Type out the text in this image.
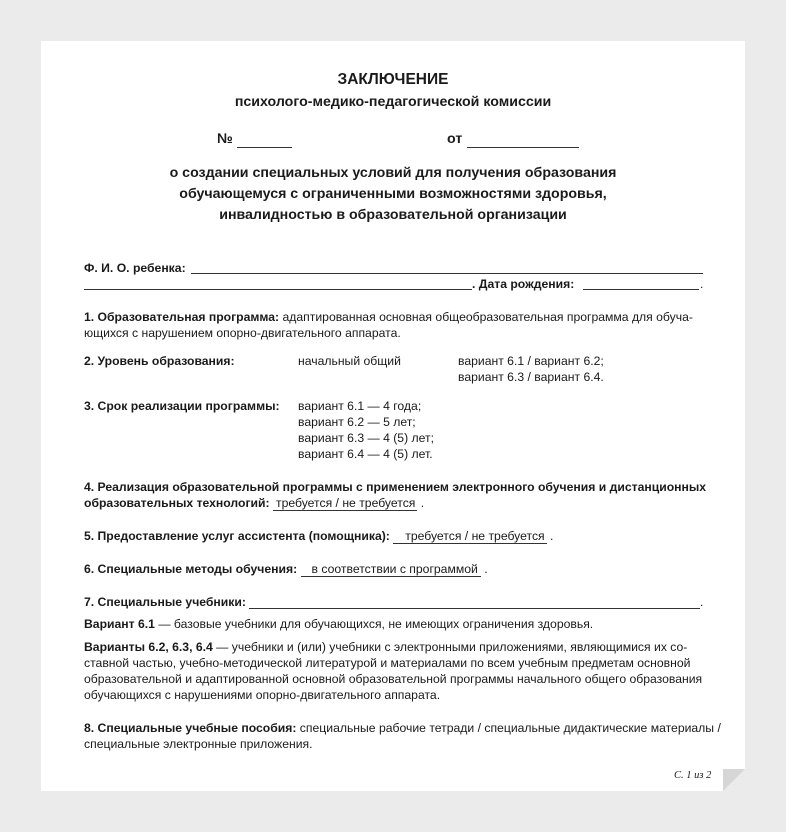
ЗАКЛЮЧЕНИЕ
психолого-медико-педагогической комиссии
№	от
о создании специальных условий для получения образования
обучающемуся с ограниченными возможностями здоровья,
инвалидностью в образовательной организации
Ф. И. О. ребенка:
. Дата рождения:	.
1. Образовательная программа: адаптированная основная общеобразовательная программа для обуча-
ющихся с нарушением опорно-двигательного аппарата.
2. Уровень образования:	начальный общий	вариант 6.1 / вариант 6.2;
вариант 6.3 / вариант 6.4.
3. Срок реализации программы: вариант 6.1 — 4 года;
вариант 6.2 — 5 лет;
вариант 6.3 — 4 (5) лет;
вариант 6.4 — 4 (5) лет.
4. Реализация образовательной программы с применением электронного обучения и дистанционных
образовательных технологий: требуется / не требуется .
5. Предоставление услуг ассистента (помощника): требуется / не требуется .
6. Специальные методы обучения: в соответствии с программой .
7. Специальные учебники:	.
Вариант 6.1 — базовые учебники для обучающихся, не имеющих ограничения здоровья.
Варианты 6.2, 6.3, 6.4 — учебники и (или) учебники с электронными приложениями, являющимися их со-
ставной частью, учебно-методической литературой и материалами по всем учебным предметам основной
образовательной и адаптированной основной образовательной программы начального общего образования
обучающихся с нарушениями опорно-двигательного аппарата.
8. Специальные учебные пособия: специальные рабочие тетради / специальные дидактические материалы /
специальные электронные приложения.
С. 1 из 2
